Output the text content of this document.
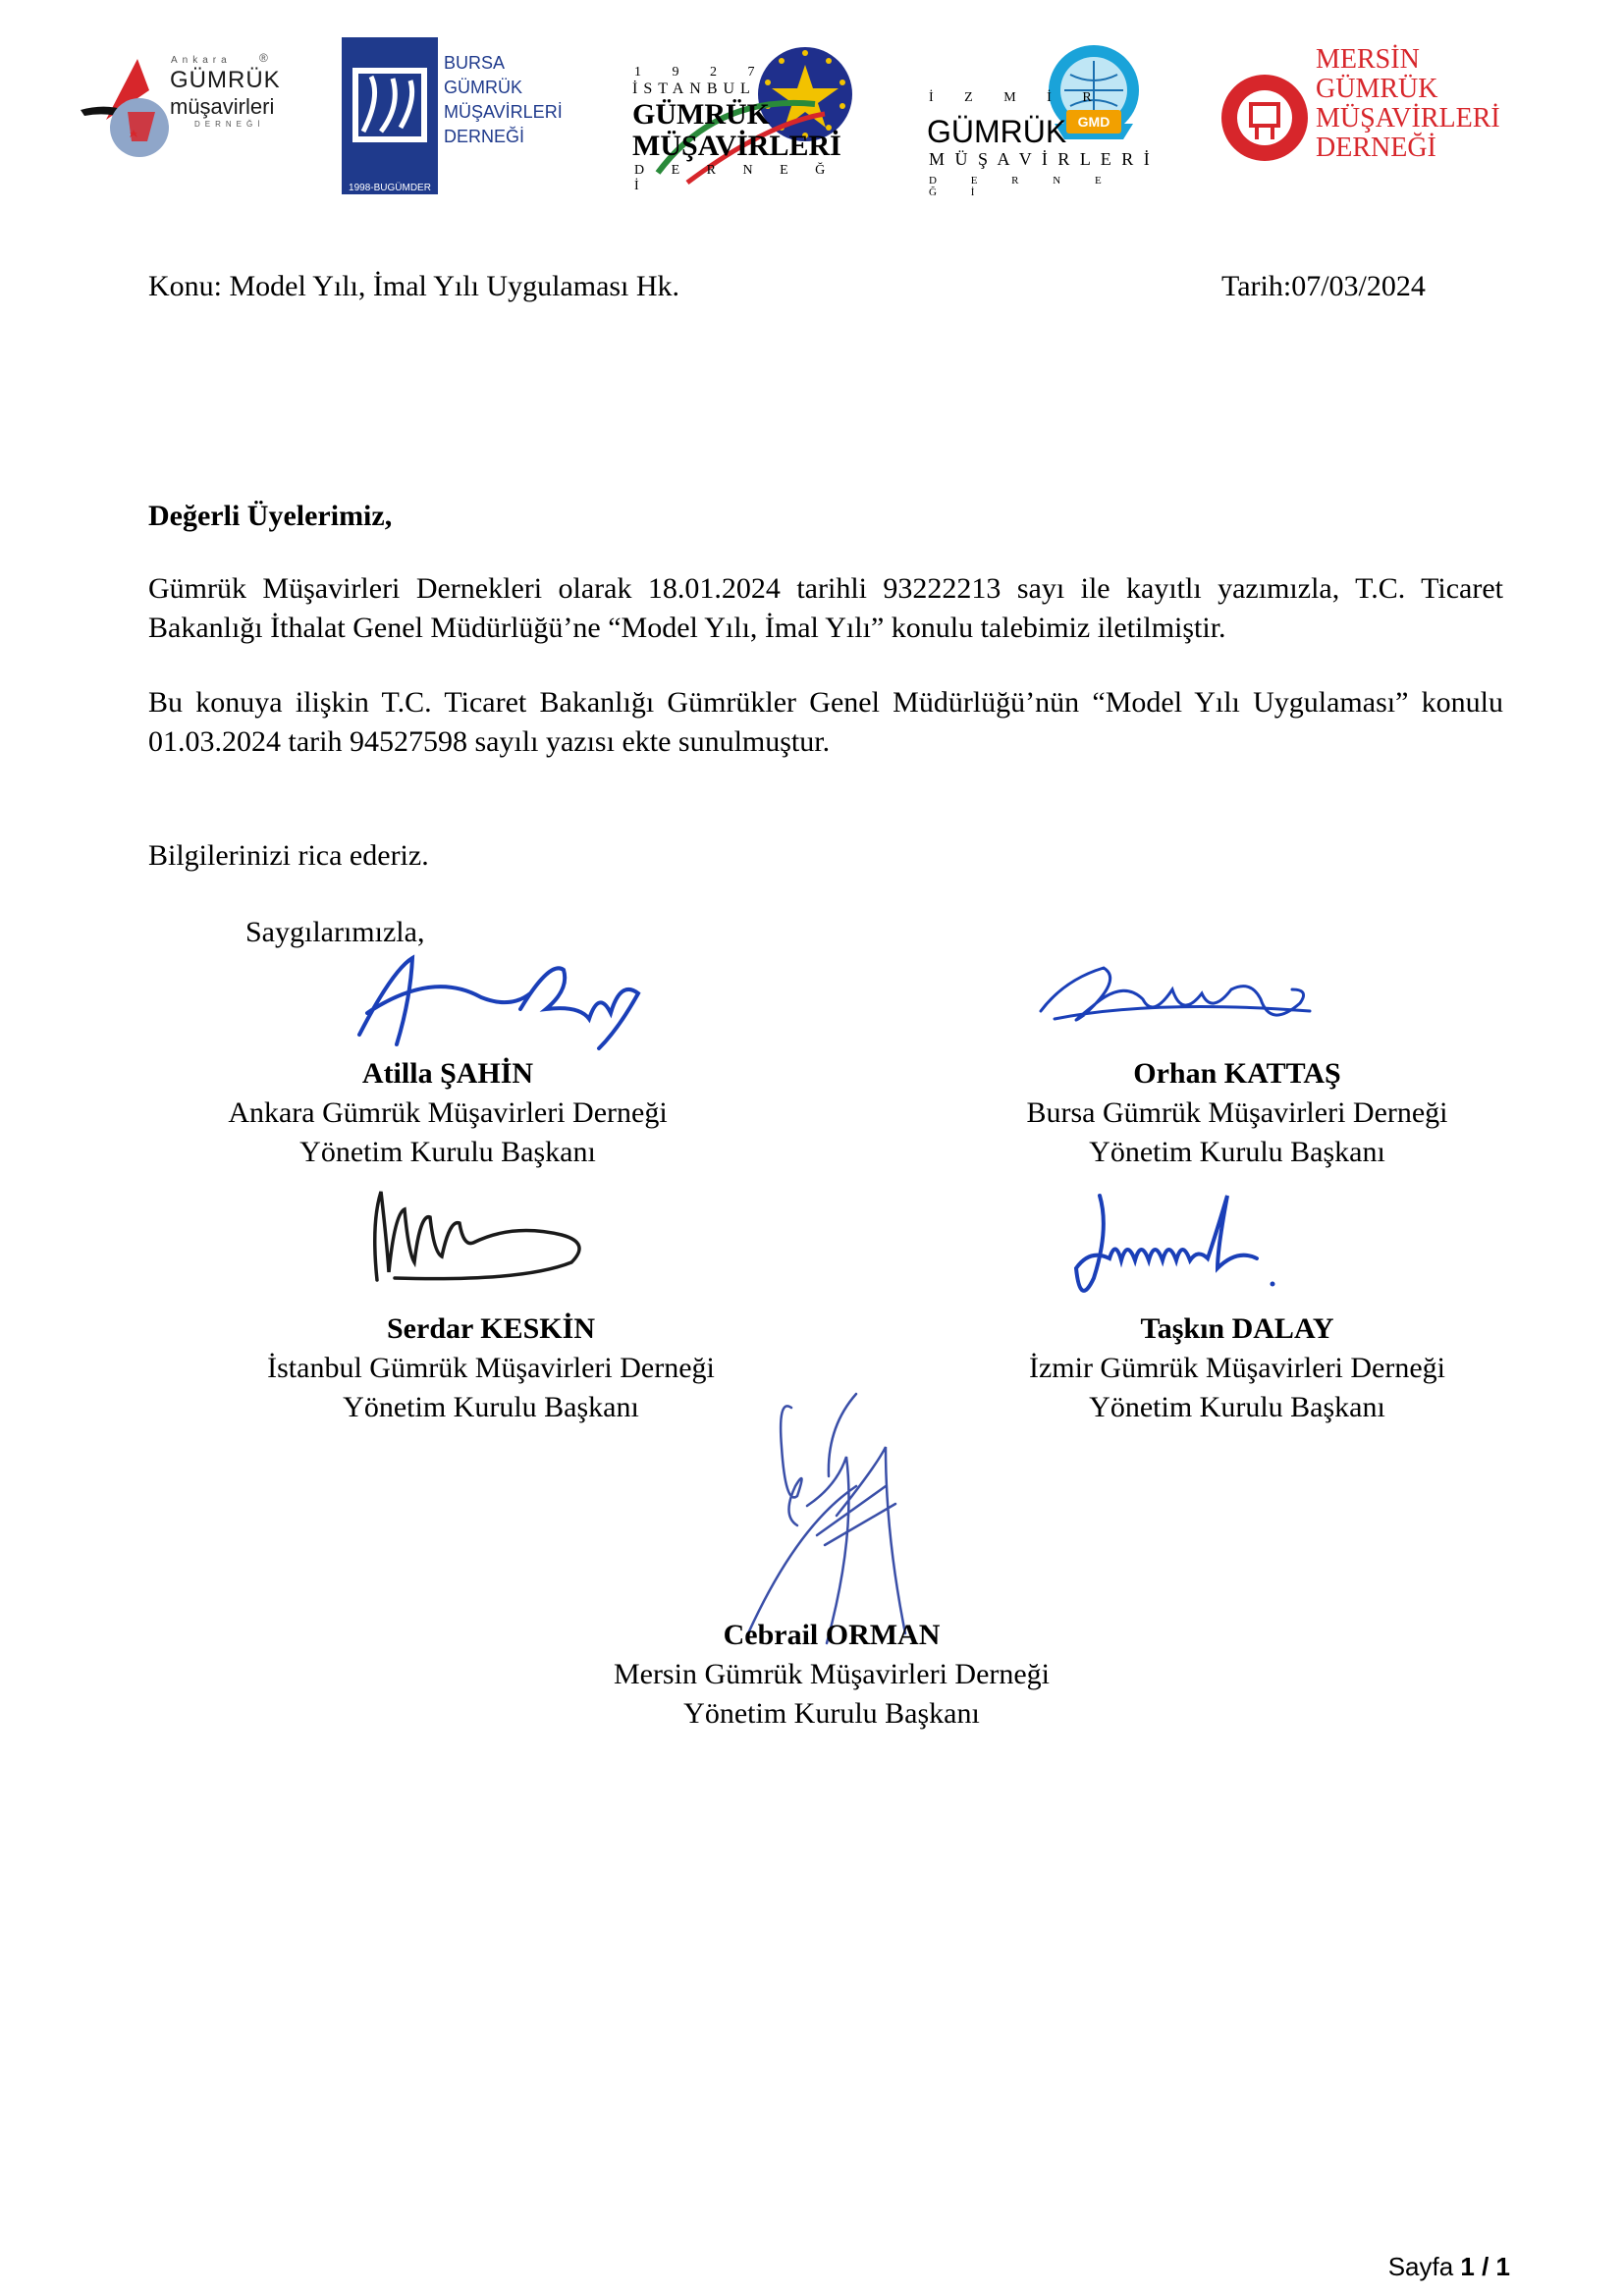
Ankara
GÜMRÜK
müşavirleri
DERNEĞİ
®
1998-BUGÜMDER
BURSA
GÜMRÜK
MÜŞAVİRLERİ
DERNEĞİ
1 9 2 7
İSTANBUL
GÜMRÜK
MÜŞAVİRLERİ
D E R N E Ğ İ
GMD
İ Z M İ R
GÜMRÜK
M Ü Ş A V İ R L E R İ
D E R N E Ğ İ
MERSİN
GÜMRÜK
MÜŞAVİRLERİ
DERNEĞİ
Konu: Model Yılı, İmal Yılı Uygulaması Hk.	Tarih:07/03/2024
Değerli Üyelerimiz,
Gümrük Müşavirleri Dernekleri olarak 18.01.2024 tarihli 93222213 sayı ile kayıtlı yazımızla, T.C. Ticaret Bakanlığı İthalat Genel Müdürlüğü’ne “Model Yılı, İmal Yılı” konulu talebimiz iletilmiştir.
Bu konuya ilişkin T.C. Ticaret Bakanlığı Gümrükler Genel Müdürlüğü’nün “Model Yılı Uygulaması” konulu 01.03.2024 tarih 94527598 sayılı yazısı ekte sunulmuştur.
Bilgilerinizi rica ederiz.
Saygılarımızla,
Atilla ŞAHİN
Ankara Gümrük Müşavirleri Derneği
Yönetim Kurulu Başkanı
Orhan KATTAŞ
Bursa Gümrük Müşavirleri Derneği
Yönetim Kurulu Başkanı
Serdar KESKİN
İstanbul Gümrük Müşavirleri Derneği
Yönetim Kurulu Başkanı
Taşkın DALAY
İzmir Gümrük Müşavirleri Derneği
Yönetim Kurulu Başkanı
Cebrail ORMAN
Mersin Gümrük Müşavirleri Derneği
Yönetim Kurulu Başkanı
Sayfa 1 / 1
